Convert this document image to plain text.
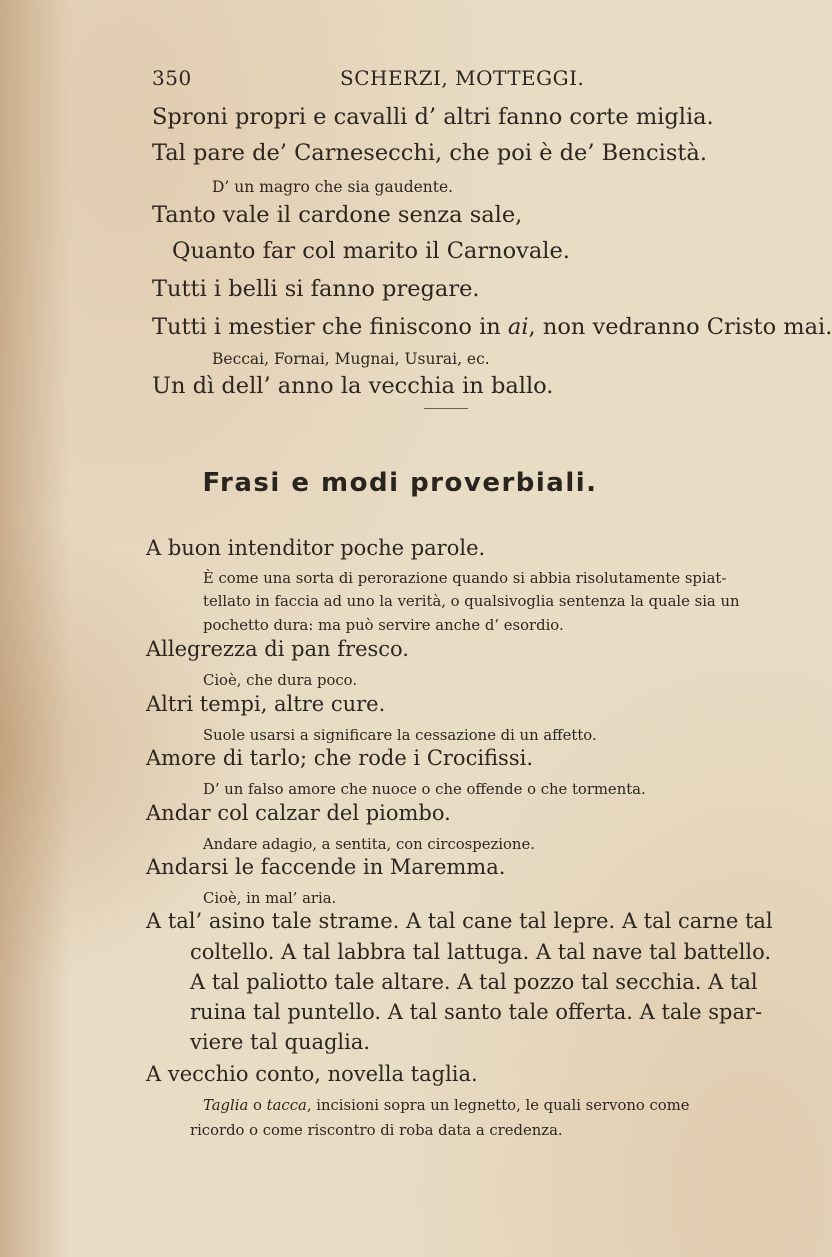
350	SCHERZI, MOTTEGGI.
Sproni propri e cavalli d’ altri fanno corte miglia.
Tal pare de’ Carnesecchi, che poi è de’ Bencistà.
D’ un magro che sia gaudente.
Tanto vale il cardone senza sale,
Quanto far col marito il Carnovale.
Tutti i belli si fanno pregare.
Tutti i mestier che finiscono in ai, non vedranno Cristo mai.
Beccai, Fornai, Mugnai, Usurai, ec.
Un dì dell’ anno la vecchia in ballo.
Frasi e modi proverbiali.
A buon intenditor poche parole.
È come una sorta di perorazione quando si abbia risolutamente spiat-
tellato in faccia ad uno la verità, o qualsivoglia sentenza la quale sia un
pochetto dura: ma può servire anche d’ esordio.
Allegrezza di pan fresco.
Cioè, che dura poco.
Altri tempi, altre cure.
Suole usarsi a significare la cessazione di un affetto.
Amore di tarlo; che rode i Crocifissi.
D’ un falso amore che nuoce o che offende o che tormenta.
Andar col calzar del piombo.
Andare adagio, a sentita, con circospezione.
Andarsi le faccende in Maremma.
Cioè, in mal’ aria.
A tal’ asino tale strame. A tal cane tal lepre. A tal carne tal
coltello. A tal labbra tal lattuga. A tal nave tal battello.
A tal paliotto tale altare. A tal pozzo tal secchia. A tal
ruina tal puntello. A tal santo tale offerta. A tale spar-
viere tal quaglia.
A vecchio conto, novella taglia.
Taglia o tacca, incisioni sopra un legnetto, le quali servono come
ricordo o come riscontro di roba data a credenza.
